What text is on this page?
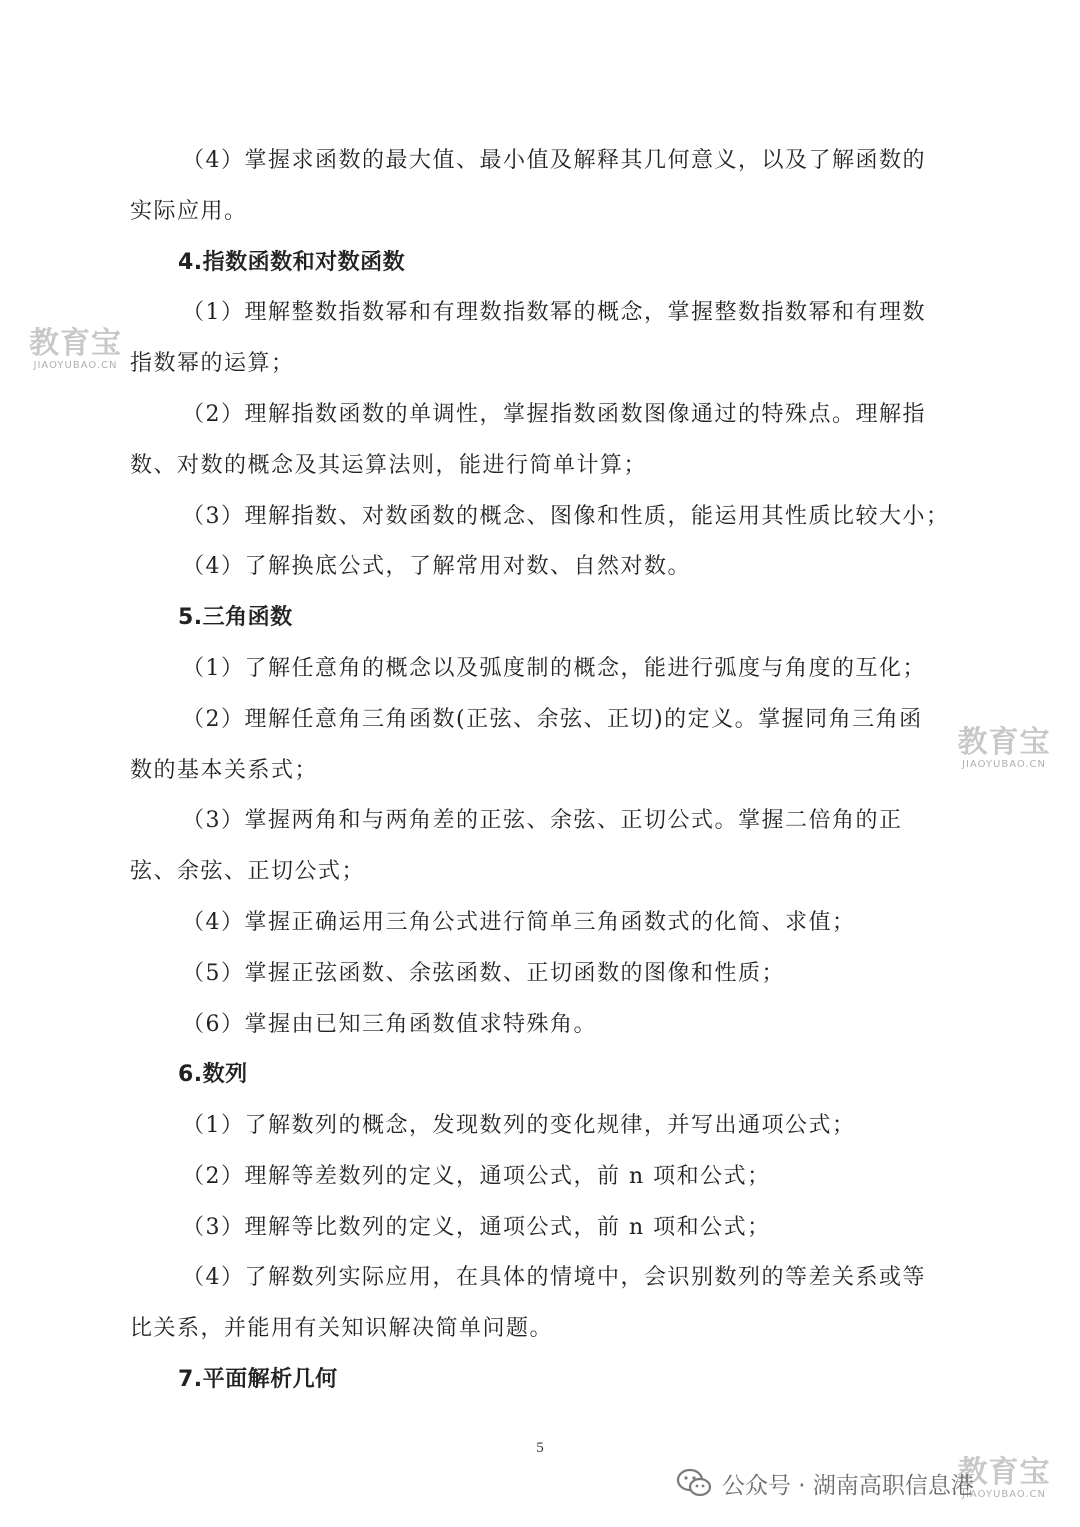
（4）掌握求函数的最大值、最小值及解释其几何意义，以及了解函数的
实际应用。
4.指数函数和对数函数
（1）理解整数指数幂和有理数指数幂的概念，掌握整数指数幂和有理数
指数幂的运算；
（2）理解指数函数的单调性，掌握指数函数图像通过的特殊点。理解指
数、对数的概念及其运算法则，能进行简单计算；
（3）理解指数、对数函数的概念、图像和性质，能运用其性质比较大小；
（4）了解换底公式，了解常用对数、自然对数。
5.三角函数
（1）了解任意角的概念以及弧度制的概念，能进行弧度与角度的互化；
（2）理解任意角三角函数(正弦、余弦、正切)的定义。掌握同角三角函
数的基本关系式；
（3）掌握两角和与两角差的正弦、余弦、正切公式。掌握二倍角的正
弦、余弦、正切公式；
（4）掌握正确运用三角公式进行简单三角函数式的化简、求值；
（5）掌握正弦函数、余弦函数、正切函数的图像和性质；
（6）掌握由已知三角函数值求特殊角。
6.数列
（1）了解数列的概念，发现数列的变化规律，并写出通项公式；
（2）理解等差数列的定义，通项公式，前 n 项和公式；
（3）理解等比数列的定义，通项公式，前 n 项和公式；
（4）了解数列实际应用，在具体的情境中，会识别数列的等差关系或等
比关系，并能用有关知识解决简单问题。
7.平面解析几何
5
教育宝
JIAOYUBAO.CN
教育宝
JIAOYUBAO.CN
教育宝
JIAOYUBAO.CN
公众号 · 湖南高职信息港
